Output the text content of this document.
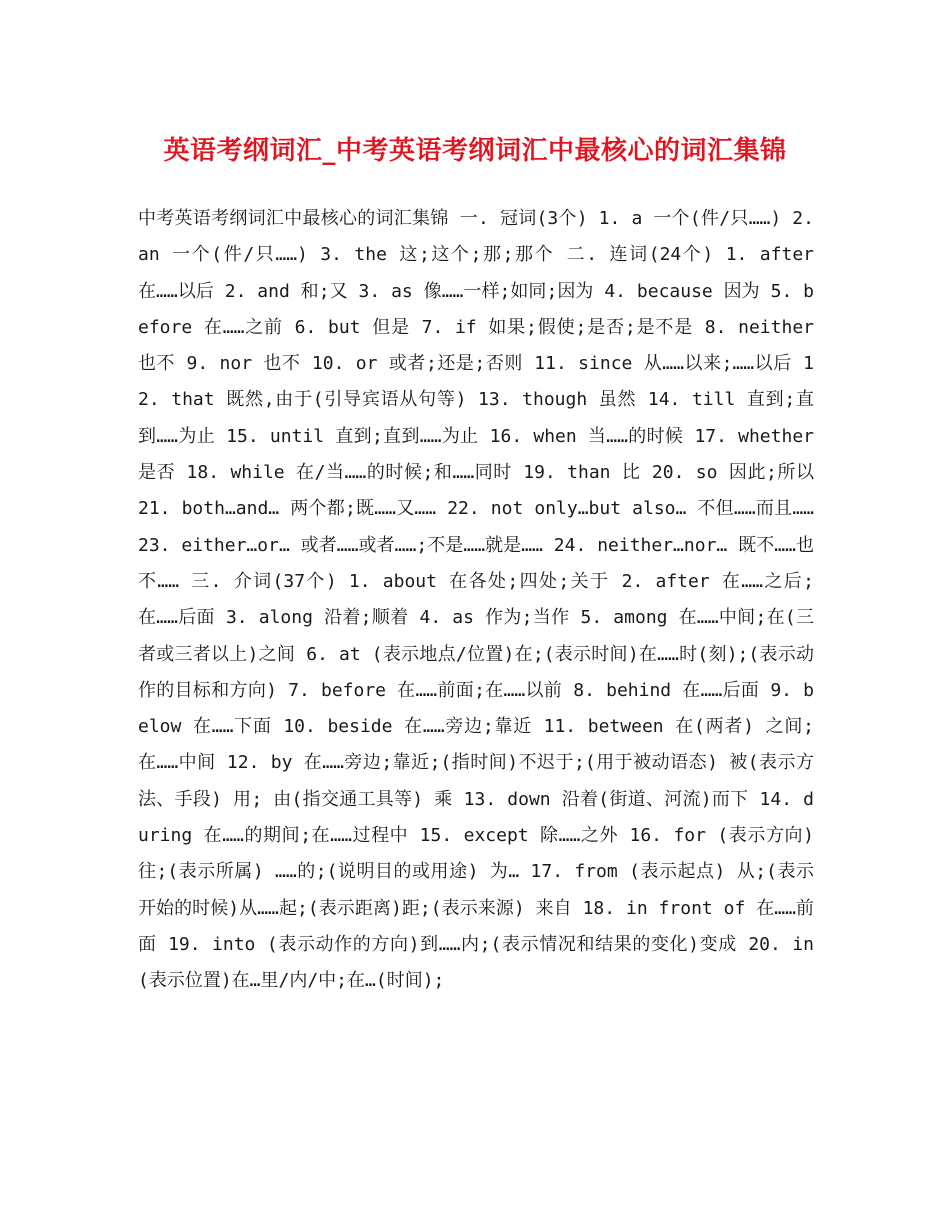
英语考纲词汇_中考英语考纲词汇中最核心的词汇集锦

中考英语考纲词汇中最核心的词汇集锦 一. 冠词(3个) 1. a 一个(件/只……) 2. an 一个(件/只……) 3. the 这;这个;那;那个 二. 连词(24个) 1. after 在……以后 2. and 和;又 3. as 像……一样;如同;因为 4. because 因为 5. before 在……之前 6. but 但是 7. if 如果;假使;是否;是不是 8. neither 也不 9. nor 也不 10. or 或者;还是;否则 11. since 从……以来;……以后 12. that 既然,由于(引导宾语从句等) 13. though 虽然 14. till 直到;直到……为止 15. until 直到;直到……为止 16. when 当……的时候 17. whether 是否 18. while 在/当……的时候;和……同时 19. than 比 20. so 因此;所以 21. both…and… 两个都;既……又…… 22. not only…but also… 不但……而且…… 23. either…or… 或者……或者……;不是……就是…… 24. neither…nor… 既不……也不…… 三. 介词(37个) 1. about 在各处;四处;关于 2. after 在……之后;在……后面 3. along 沿着;顺着 4. as 作为;当作 5. among 在……中间;在(三者或三者以上)之间 6. at (表示地点/位置)在;(表示时间)在……时(刻);(表示动作的目标和方向) 7. before 在……前面;在……以前 8. behind 在……后面 9. below 在……下面 10. beside 在……旁边;靠近 11. between 在(两者) 之间;在……中间 12. by 在……旁边;靠近;(指时间)不迟于;(用于被动语态) 被(表示方法、手段) 用; 由(指交通工具等) 乘 13. down 沿着(街道、河流)而下 14. during 在……的期间;在……过程中 15. except 除……之外 16. for (表示方向)往;(表示所属) ……的;(说明目的或用途) 为… 17. from (表示起点) 从;(表示开始的时候)从……起;(表示距离)距;(表示来源) 来自 18. in front of 在……前面 19. into (表示动作的方向)到……内;(表示情况和结果的变化)变成 20. in (表示位置)在…里/内/中;在…(时间);
